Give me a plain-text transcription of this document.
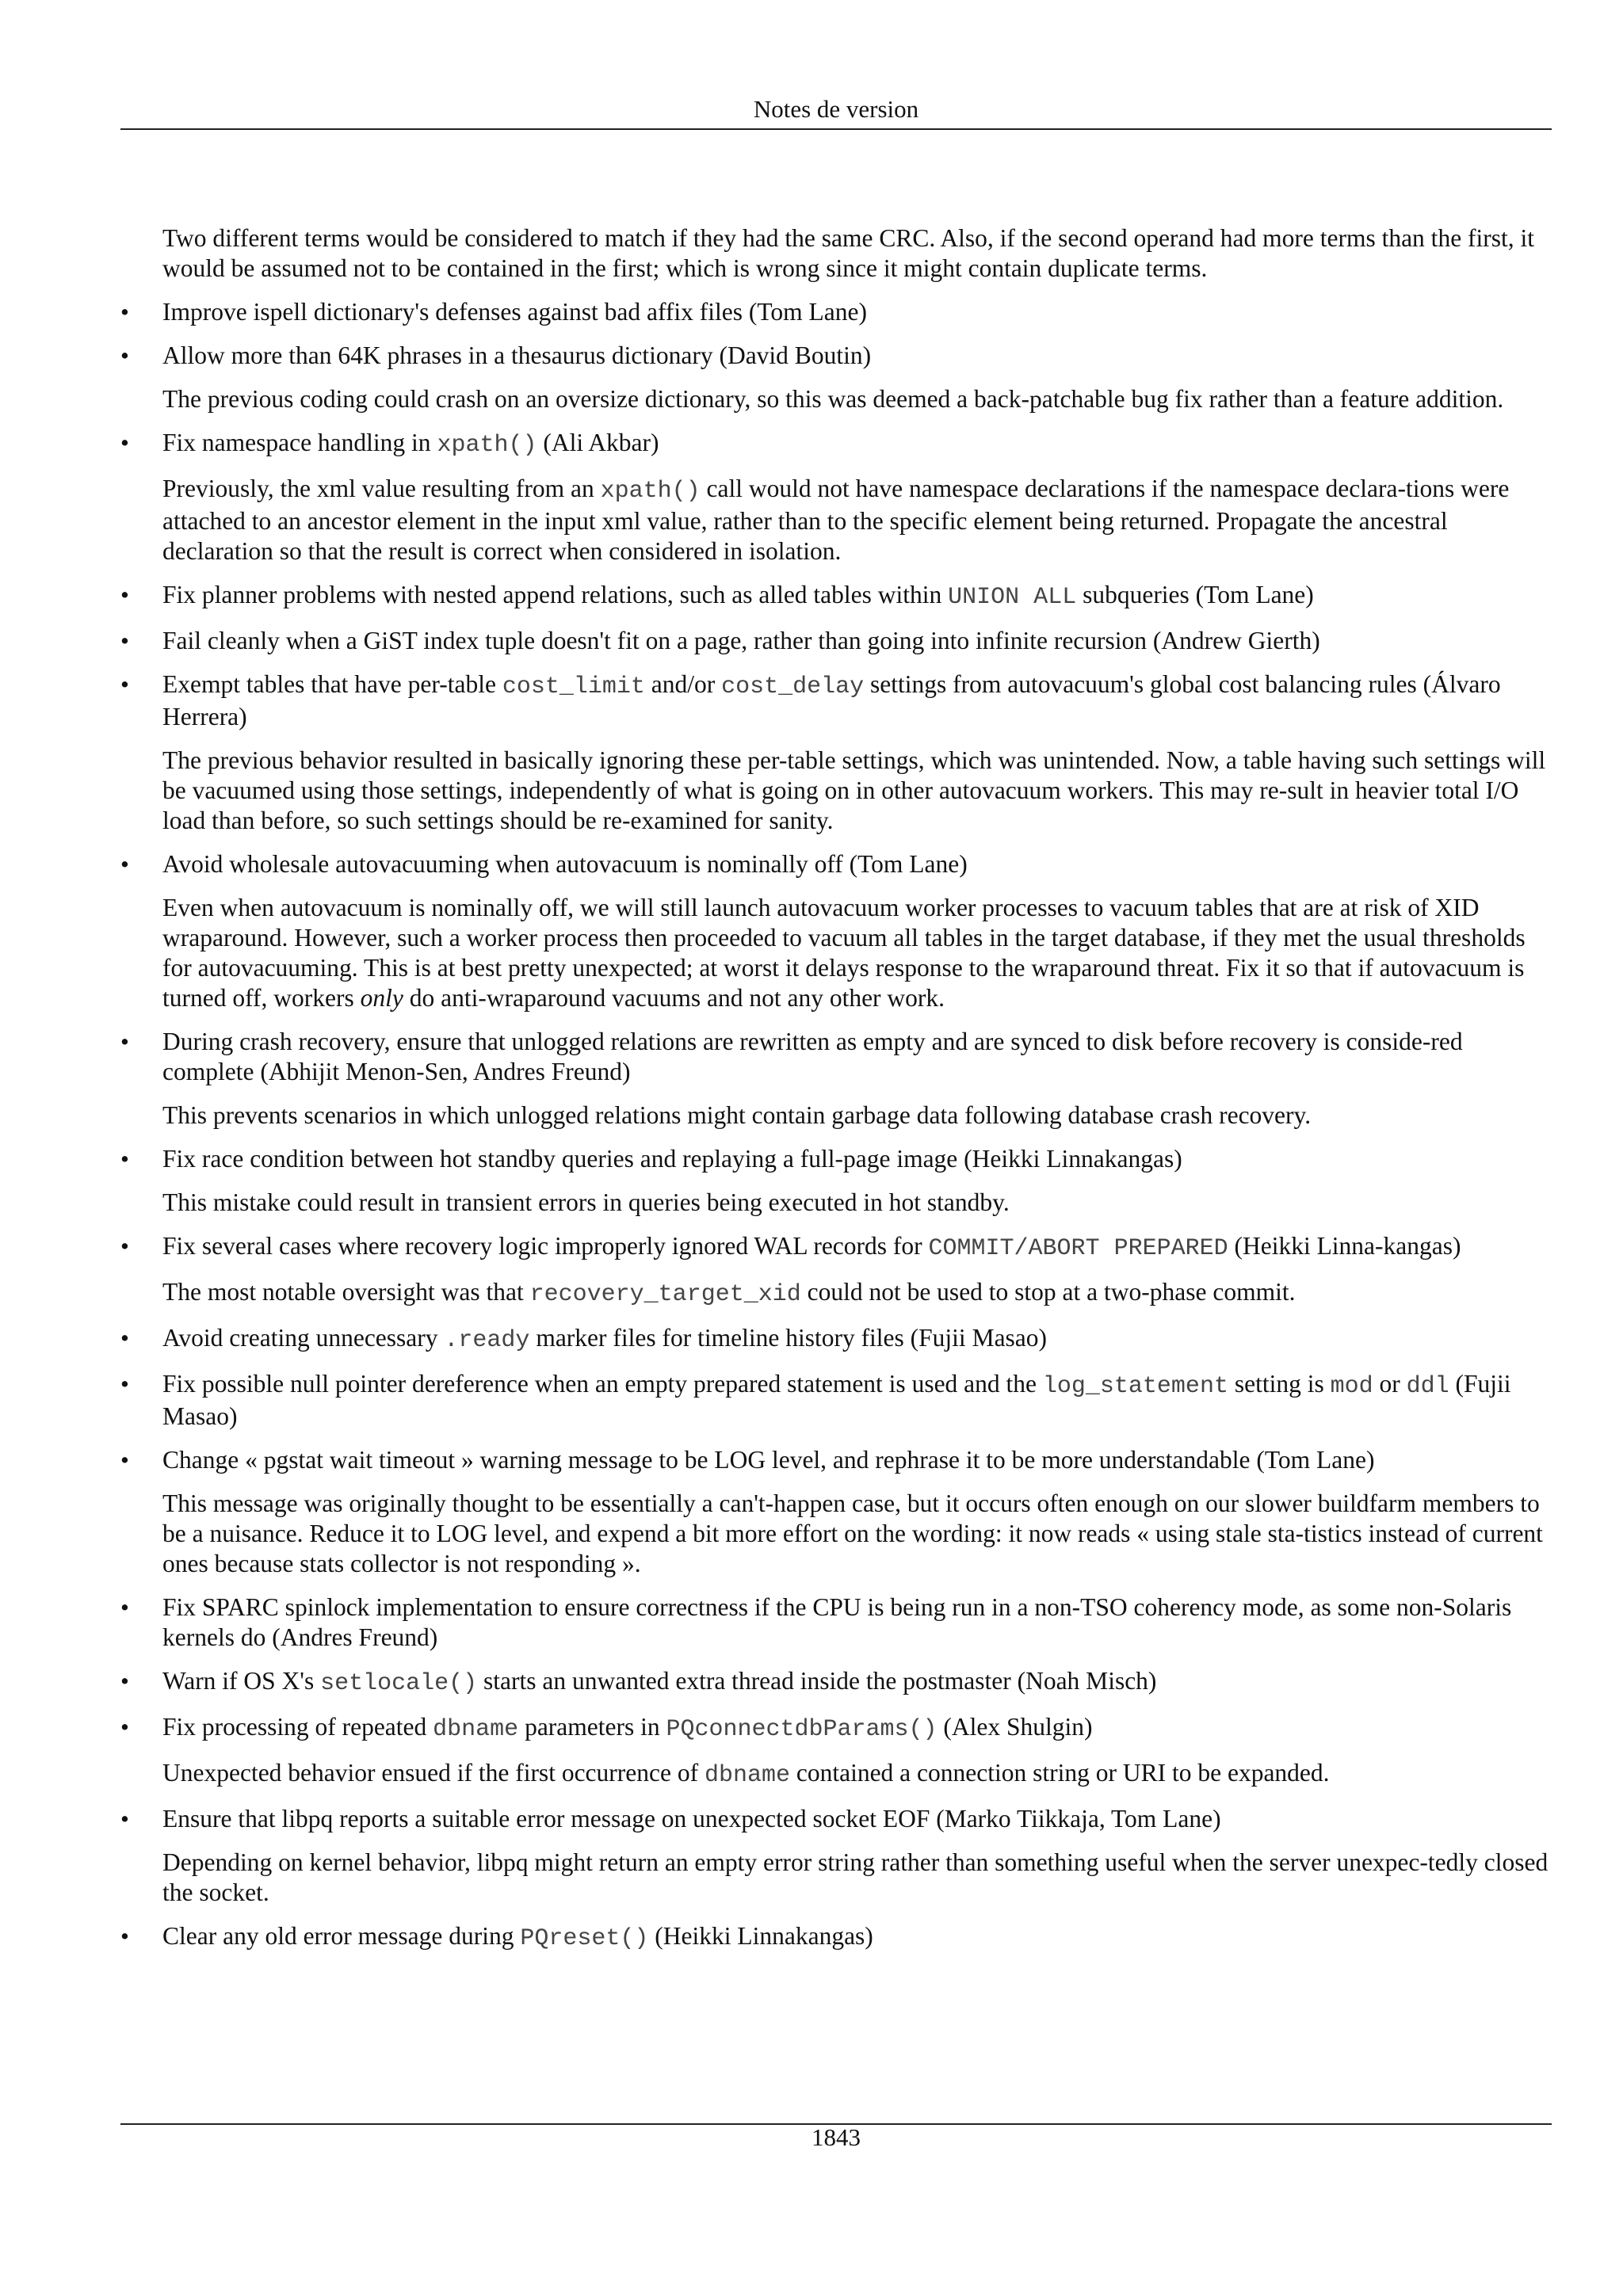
Notes de version
Two different terms would be considered to match if they had the same CRC. Also, if the second operand had more terms than the first, it would be assumed not to be contained in the first; which is wrong since it might contain duplicate terms.
• Improve ispell dictionary's defenses against bad affix files (Tom Lane)
• Allow more than 64K phrases in a thesaurus dictionary (David Boutin)
The previous coding could crash on an oversize dictionary, so this was deemed a back-patchable bug fix rather than a feature addition.
• Fix namespace handling in xpath() (Ali Akbar)
Previously, the xml value resulting from an xpath() call would not have namespace declarations if the namespace declara-tions were attached to an ancestor element in the input xml value, rather than to the specific element being returned. Propagate the ancestral declaration so that the result is correct when considered in isolation.
• Fix planner problems with nested append relations, such as alled tables within UNION ALL subqueries (Tom Lane)
• Fail cleanly when a GiST index tuple doesn't fit on a page, rather than going into infinite recursion (Andrew Gierth)
• Exempt tables that have per-table cost_limit and/or cost_delay settings from autovacuum's global cost balancing rules (Álvaro Herrera)
The previous behavior resulted in basically ignoring these per-table settings, which was unintended. Now, a table having such settings will be vacuumed using those settings, independently of what is going on in other autovacuum workers. This may re-sult in heavier total I/O load than before, so such settings should be re-examined for sanity.
• Avoid wholesale autovacuuming when autovacuum is nominally off (Tom Lane)
Even when autovacuum is nominally off, we will still launch autovacuum worker processes to vacuum tables that are at risk of XID wraparound. However, such a worker process then proceeded to vacuum all tables in the target database, if they met the usual thresholds for autovacuuming. This is at best pretty unexpected; at worst it delays response to the wraparound threat. Fix it so that if autovacuum is turned off, workers only do anti-wraparound vacuums and not any other work.
• During crash recovery, ensure that unlogged relations are rewritten as empty and are synced to disk before recovery is conside-red complete (Abhijit Menon-Sen, Andres Freund)
This prevents scenarios in which unlogged relations might contain garbage data following database crash recovery.
• Fix race condition between hot standby queries and replaying a full-page image (Heikki Linnakangas)
This mistake could result in transient errors in queries being executed in hot standby.
• Fix several cases where recovery logic improperly ignored WAL records for COMMIT/ABORT PREPARED (Heikki Linna-kangas)
The most notable oversight was that recovery_target_xid could not be used to stop at a two-phase commit.
• Avoid creating unnecessary .ready marker files for timeline history files (Fujii Masao)
• Fix possible null pointer dereference when an empty prepared statement is used and the log_statement setting is mod or ddl (Fujii Masao)
• Change « pgstat wait timeout » warning message to be LOG level, and rephrase it to be more understandable (Tom Lane)
This message was originally thought to be essentially a can't-happen case, but it occurs often enough on our slower buildfarm members to be a nuisance. Reduce it to LOG level, and expend a bit more effort on the wording: it now reads « using stale sta-tistics instead of current ones because stats collector is not responding ».
• Fix SPARC spinlock implementation to ensure correctness if the CPU is being run in a non-TSO coherency mode, as some non-Solaris kernels do (Andres Freund)
• Warn if OS X's setlocale() starts an unwanted extra thread inside the postmaster (Noah Misch)
• Fix processing of repeated dbname parameters in PQconnectdbParams() (Alex Shulgin)
Unexpected behavior ensued if the first occurrence of dbname contained a connection string or URI to be expanded.
• Ensure that libpq reports a suitable error message on unexpected socket EOF (Marko Tiikkaja, Tom Lane)
Depending on kernel behavior, libpq might return an empty error string rather than something useful when the server unexpec-tedly closed the socket.
• Clear any old error message during PQreset() (Heikki Linnakangas)
1843
